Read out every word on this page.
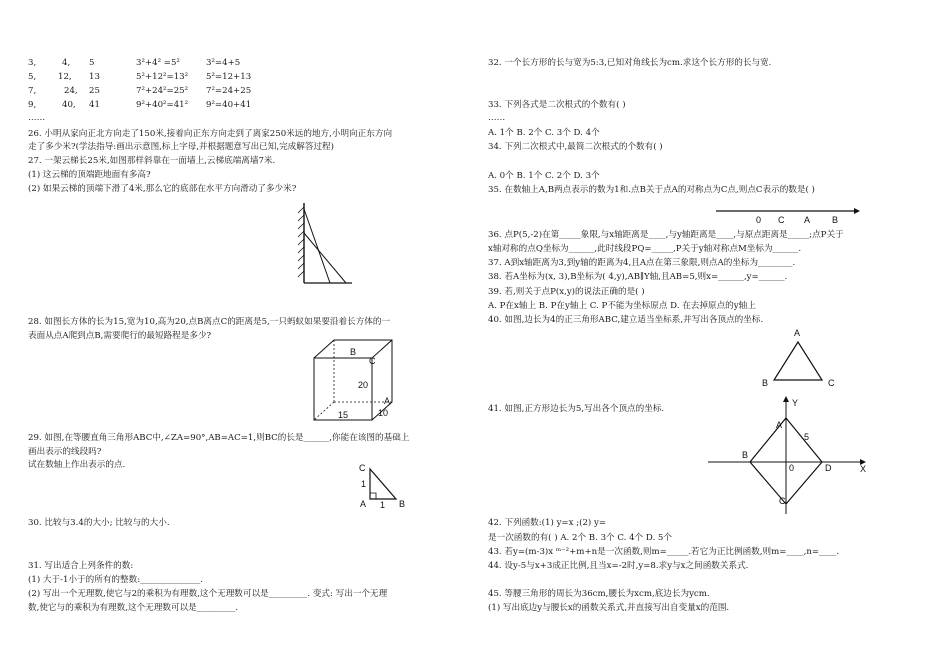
3,	4, 5	3²+4² =5²	3²=4+5
5,	12, 13	5²+12²=13² 5²=12+13
7,	24, 25	7²+24²=25² 7²=24+25
9,	40, 41	9²+40²=41² 9²=40+41
……
26. 小明从家向正北方向走了150米,接着向正东方向走到了离家250米远的地方,小明向正东方向
走了多少米?(学法指导:画出示意图,标上字母,并根据题意写出已知,完成解答过程)
27. 一架云梯长25米,如图那样斜靠在一面墙上,云梯底端离墙7米.
(1) 这云梯的顶端距地面有多高?
(2) 如果云梯的顶端下滑了4米,那么它的底部在水平方向滑动了多少米?
28. 如图长方体的长为15,宽为10,高为20,点B离点C的距离是5,一只蚂蚁如果要沿着长方体的一
表面从点A爬到点B,需要爬行的最短路程是多少?
B
C
20
A
10
15
29. 如图,在等腰直角三角形ABC中,∠ZA=90°,AB=AC=1,则BC的长是______,你能在该图的基础上
画出表示的线段吗?
试在数轴上作出表示的点.	C
1
A 1 B
30. 比较与3.4的大小; 比较与的大小.
31. 写出适合上列条件的数:
(1) 大于-1小于的所有的整数:______________.
(2) 写出一个无理数,使它与2的乘积为有理数,这个无理数可以是_________. 变式: 写出一个无理
数,使它与的乘积为有理数,这个无理数可以是_________.
32. 一个长方形的长与宽为5:3,已知对角线长为cm.求这个长方形的长与宽.
33. 下列各式是二次根式的个数有( )
……
A. 1个 B. 2个 C. 3个 D. 4个
34. 下列二次根式中,最简二次根式的个数有( )
A. 0个 B. 1个 C. 2个 D. 3个
35. 在数轴上A,B两点表示的数为1和.点B关于点A的对称点为C点,则点C表示的数是( )
0 C A B
36. 点P(5,-2)在第_____象限,与x轴距离是____,与y轴距离是____,与原点距离是_____;点P关于
x轴对称的点Q坐标为______,此时线段PQ=_____,P关于y轴对称点M坐标为______.
37. A到x轴距离为3,到y轴的距离为4,且A点在第三象限,则点A的坐标为________.
38. 若A坐标为(x, 3),B坐标为( 4,y),AB∥Y轴,且AB=5,则x=______,y=______.
39. 若,则关于点P(x,y)的说法正确的是( )
A. P在x轴上 B. P在y轴上 C. P不能为坐标原点 D. 在去掉原点的y轴上
40. 如图,边长为4的正三角形ABC,建立适当坐标系,并写出各顶点的坐标.
A
B	C
41. 如图,正方形边长为5,写出各个顶点的坐标.
Y
5
A
B
0	D	X
C
42. 下列函数:(1) y=x ;(2) y=
是一次函数的有( ) A. 2个 B. 3个 C. 4个 D. 5个
43. 若y=(m-3)x ᵐ⁻²+m+n是一次函数,则m=_____.若它为正比例函数,则m=____,n=____.
44. 设y-5与x+3成正比例,且当x=-2时,y=8.求y与x之间函数关系式.
45. 等腰三角形的周长为36cm,腰长为xcm,底边长为ycm.
(1) 写出底边y与腰长x的函数关系式,并直接写出自变量x的范围.
